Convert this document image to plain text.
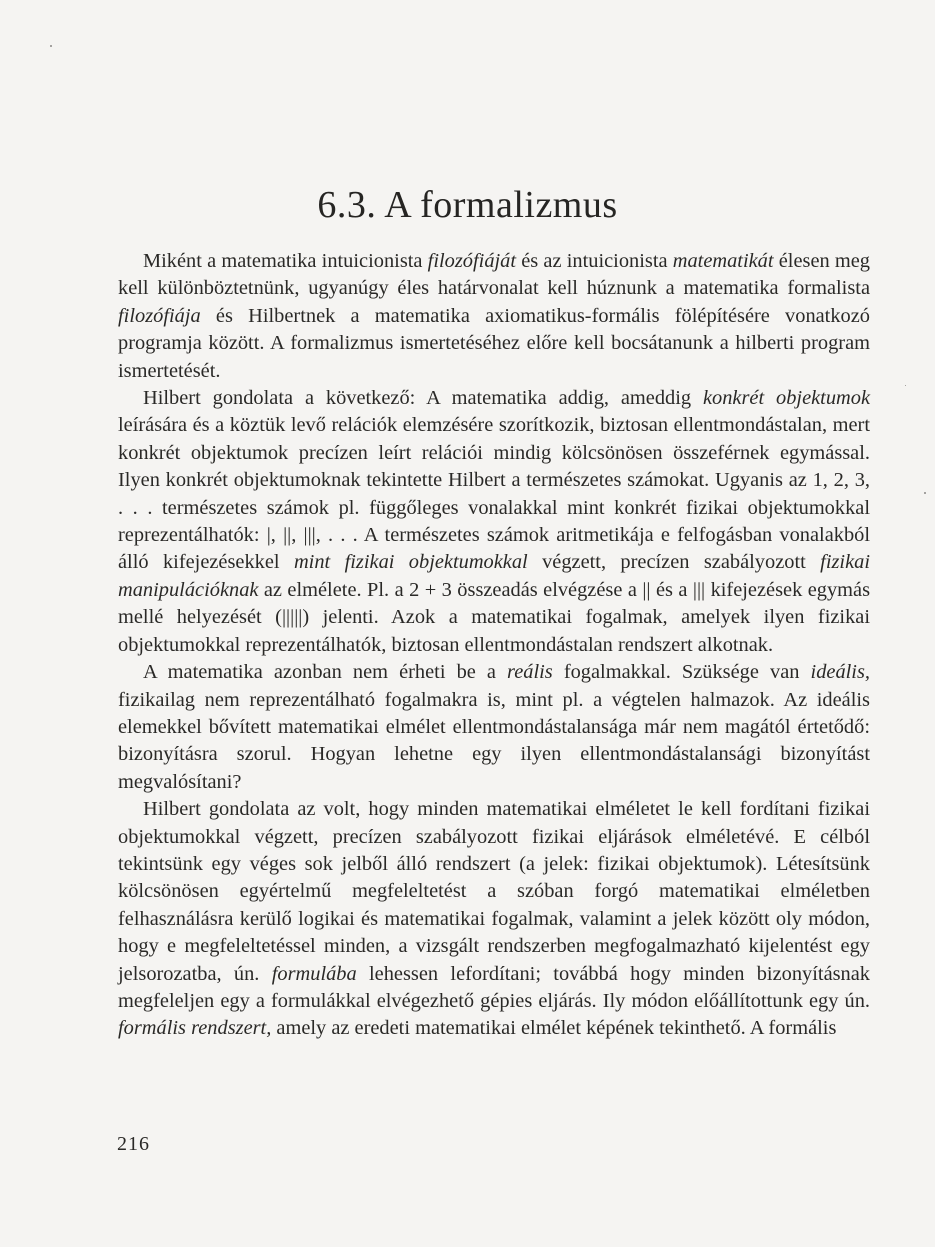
6.3. A formalizmus

Miként a matematika intuicionista filozófiáját és az intuicionista matematikát élesen meg kell különböztetnünk, ugyanúgy éles határvonalat kell húznunk a matematika formalista filozófiája és Hilbertnek a matematika axiomatikus-formális fölépítésére vonatkozó programja között. A formalizmus ismertetéséhez előre kell bocsátanunk a hilberti program ismertetését.

Hilbert gondolata a következő: A matematika addig, ameddig konkrét objektumok leírására és a köztük levő relációk elemzésére szorítkozik, biztosan ellentmondástalan, mert konkrét objektumok precízen leírt relációi mindig kölcsönösen összeférnek egymással. Ilyen konkrét objektumoknak tekintette Hilbert a természetes számokat. Ugyanis az 1, 2, 3, . . . természetes számok pl. függőleges vonalakkal mint konkrét fizikai objektumokkal reprezentálhatók: |, ||, |||, . . . A természetes számok aritmetikája e felfogásban vonalakból álló kifejezésekkel mint fizikai objektumokkal végzett, precízen szabályozott fizikai manipulációknak az elmélete. Pl. a 2 + 3 összeadás elvégzése a || és a ||| kifejezések egymás mellé helyezését (|||||) jelenti. Azok a matematikai fogalmak, amelyek ilyen fizikai objektumokkal reprezentálhatók, biztosan ellentmondástalan rendszert alkotnak.

A matematika azonban nem érheti be a reális fogalmakkal. Szüksége van ideális, fizikailag nem reprezentálható fogalmakra is, mint pl. a végtelen halmazok. Az ideális elemekkel bővített matematikai elmélet ellentmondástalansága már nem magától értetődő: bizonyításra szorul. Hogyan lehetne egy ilyen ellentmondástalansági bizonyítást megvalósítani?

Hilbert gondolata az volt, hogy minden matematikai elméletet le kell fordítani fizikai objektumokkal végzett, precízen szabályozott fizikai eljárások elméletévé. E célból tekintsünk egy véges sok jelből álló rendszert (a jelek: fizikai objektumok). Létesítsünk kölcsönösen egyértelmű megfeleltetést a szóban forgó matematikai elméletben felhasználásra kerülő logikai és matematikai fogalmak, valamint a jelek között oly módon, hogy e megfeleltetéssel minden, a vizsgált rendszerben megfogalmazható kijelentést egy jelsorozatba, ún. formulába lehessen lefordítani; továbbá hogy minden bizonyításnak megfeleljen egy a formulákkal elvégezhető gépies eljárás. Ily módon előállítottunk egy ún. formális rendszert, amely az eredeti matematikai elmélet képének tekinthető. A formális

216
